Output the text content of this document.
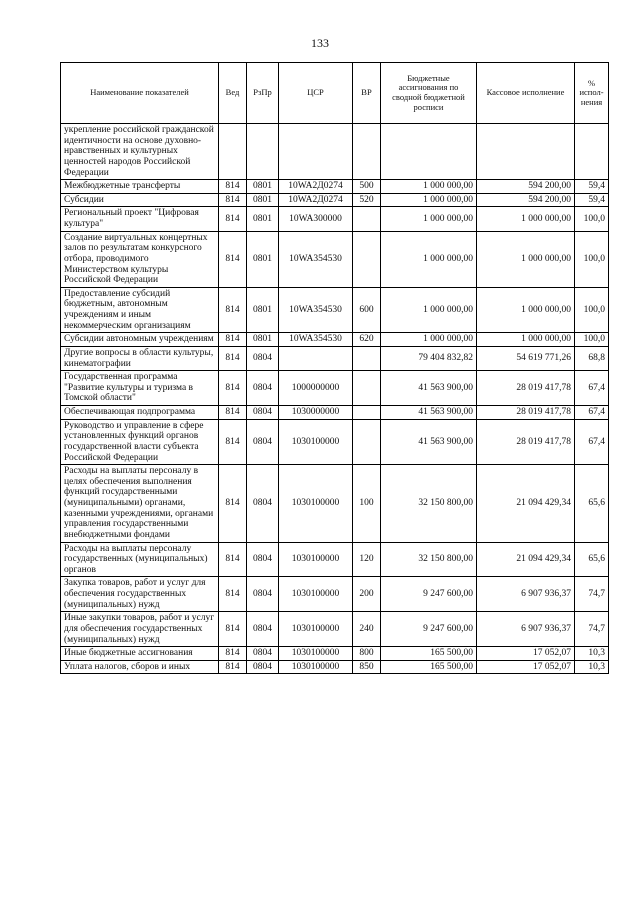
133
Наименование показателей	Вед	РзПр	ЦСР	ВР	Бюджетные ассигнования по сводной бюджетной росписи	Кассовое исполнение	% испол- нения
укрепление российской гражданской идентичности на основе духовно-нравственных и культурных ценностей народов Российской Федерации							
Межбюджетные трансферты	814	0801	10WA2Д0274	500	1 000 000,00	594 200,00	59,4
Субсидии	814	0801	10WA2Д0274	520	1 000 000,00	594 200,00	59,4
Региональный проект "Цифровая культура"	814	0801	10WA300000		1 000 000,00	1 000 000,00	100,0
Создание виртуальных концертных залов по результатам конкурсного отбора, проводимого Министерством культуры Российской Федерации	814	0801	10WA354530		1 000 000,00	1 000 000,00	100,0
Предоставление субсидий бюджетным, автономным учреждениям и иным некоммерческим организациям	814	0801	10WA354530	600	1 000 000,00	1 000 000,00	100,0
Субсидии автономным учреждениям	814	0801	10WA354530	620	1 000 000,00	1 000 000,00	100,0
Другие вопросы в области культуры, кинематографии	814	0804			79 404 832,82	54 619 771,26	68,8
Государственная программа "Развитие культуры и туризма в Томской области"	814	0804	1000000000		41 563 900,00	28 019 417,78	67,4
Обеспечивающая подпрограмма	814	0804	1030000000		41 563 900,00	28 019 417,78	67,4
Руководство и управление в сфере установленных функций органов государственной власти субъекта Российской Федерации	814	0804	1030100000		41 563 900,00	28 019 417,78	67,4
Расходы на выплаты персоналу в целях обеспечения выполнения функций государственными (муниципальными) органами, казенными учреждениями, органами управления государственными внебюджетными фондами	814	0804	1030100000	100	32 150 800,00	21 094 429,34	65,6
Расходы на выплаты персоналу государственных (муниципальных) органов	814	0804	1030100000	120	32 150 800,00	21 094 429,34	65,6
Закупка товаров, работ и услуг для обеспечения государственных (муниципальных) нужд	814	0804	1030100000	200	9 247 600,00	6 907 936,37	74,7
Иные закупки товаров, работ и услуг для обеспечения государственных (муниципальных) нужд	814	0804	1030100000	240	9 247 600,00	6 907 936,37	74,7
Иные бюджетные ассигнования	814	0804	1030100000	800	165 500,00	17 052,07	10,3
Уплата налогов, сборов и иных	814	0804	1030100000	850	165 500,00	17 052,07	10,3
